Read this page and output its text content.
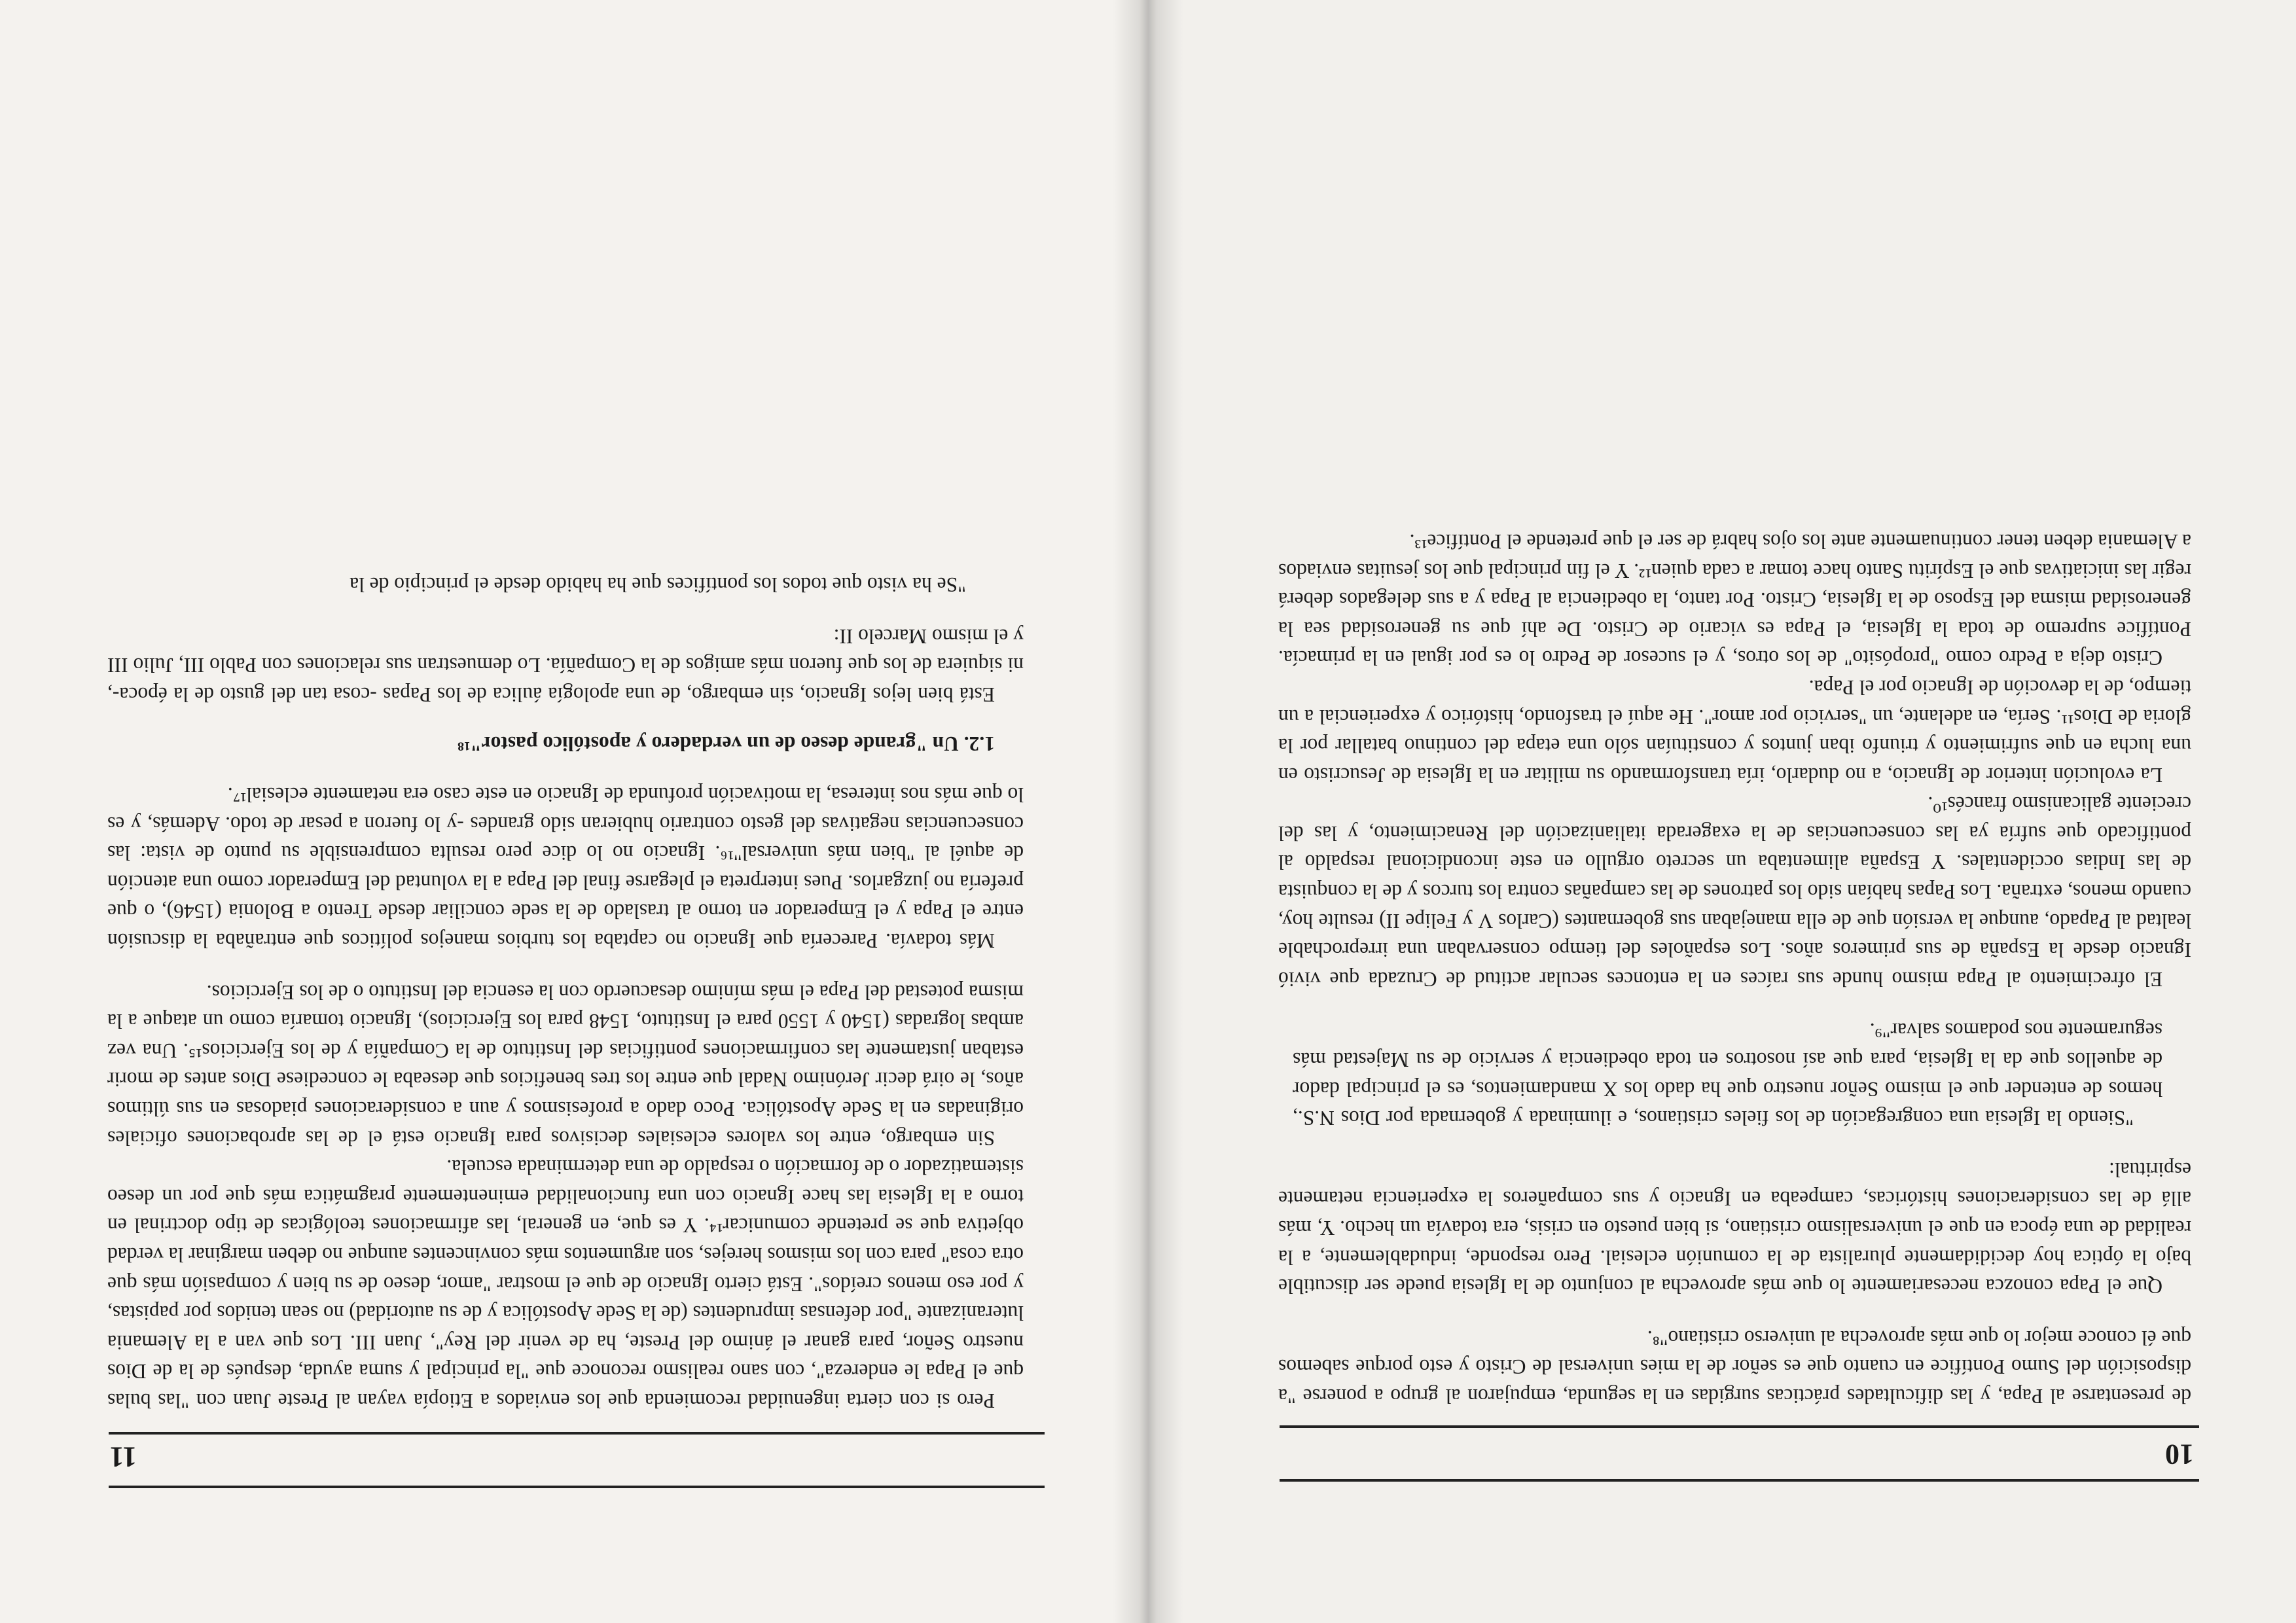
10

de presentarse al Papa, y las dificultades prácticas surgidas en la segunda, empujaron al grupo a ponerse "a disposición del Sumo Pontífice en cuanto que es señor de la mies universal de Cristo y esto porque sabemos que él conoce mejor lo que más aprovecha al universo cristiano"⁸.

Que el Papa conozca necesariamente lo que más aprovecha al conjunto de la Iglesia puede ser discutible bajo la óptica hoy decididamente pluralista de la comunión eclesial. Pero responde, indudablemente, a la realidad de una época en que el universalismo cristiano, si bien puesto en crisis, era todavía un hecho. Y, más allá de las consideraciones históricas, campeaba en Ignacio y sus compañeros la experiencia netamente espiritual:

"Siendo la Iglesia una congregación de los fieles cristianos, e iluminada y gobernada por Dios N.S., hemos de entender que el mismo Señor nuestro que ha dado los X mandamientos, es el principal dador de aquellos que da la Iglesia, para que así nosotros en toda obediencia y servicio de su Majestad más seguramente nos podamos salvar"⁹.

El ofrecimiento al Papa mismo hunde sus raíces en la entonces secular actitud de Cruzada que vivió Ignacio desde la España de sus primeros años. Los españoles del tiempo conservaban una irreprochable lealtad al Papado, aunque la versión que de ella manejaban sus gobernantes (Carlos V y Felipe II) resulte hoy, cuando menos, extraña. Los Papas habían sido los patrones de las campañas contra los turcos y de la conquista de las Indias occidentales. Y España alimentaba un secreto orgullo en este incondicional respaldo al pontificado que sufría ya las consecuencias de la exagerada italianización del Renacimiento, y las del creciente galicanismo francés¹⁰.

La evolución interior de Ignacio, a no dudarlo, iría transformando su militar en la Iglesia de Jesucristo en una lucha en que sufrimiento y triunfo iban juntos y constituían sólo una etapa del continuo batallar por la gloria de Dios¹¹. Sería, en adelante, un "servicio por amor". He aquí el trasfondo, histórico y experiencial a un tiempo, de la devoción de Ignacio por el Papa.

Cristo deja a Pedro como "propósito" de los otros, y el sucesor de Pedro lo es por igual en la primacía. Pontífice supremo de toda la Iglesia, el Papa es vicario de Cristo. De ahí que su generosidad sea la generosidad misma del Esposo de la Iglesia, Cristo. Por tanto, la obediencia al Papa y a sus delegados deberá regir las iniciativas que el Espíritu Santo hace tomar a cada quien¹². Y el fin principal que los jesuitas enviados a Alemania deben tener continuamente ante los ojos habrá de ser el que pretende el Pontífice¹³.

11

Pero si con cierta ingenuidad recomienda que los enviados a Etiopía vayan al Preste Juan con "las bulas que el Papa le endereza", con sano realismo reconoce que "la principal y suma ayuda, después de la de Dios nuestro Señor, para ganar el ánimo del Preste, ha de venir del Rey", Juan III. Los que van a la Alemania luteranizante "por defensas imprudentes (de la Sede Apostólica y de su autoridad) no sean tenidos por papistas, y por eso menos creídos". Está cierto Ignacio de que el mostrar "amor, deseo de su bien y compasión más que otra cosa" para con los mismos herejes, son argumentos más convincentes aunque no deben marginar la verdad objetiva que se pretende comunicar¹⁴. Y es que, en general, las afirmaciones teológicas de tipo doctrinal en torno a la Iglesia las hace Ignacio con una funcionalidad eminentemente pragmática más que por un deseo sistematizador o de formación o respaldo de una determinada escuela.

Sin embargo, entre los valores eclesiales decisivos para Ignacio está el de las aprobaciones oficiales originadas en la Sede Apostólica. Poco dado a profesismos y aun a consideraciones piadosas en sus últimos años, le oirá decir Jerónimo Nadal que entre los tres beneficios que deseaba le concediese Dios antes de morir estaban justamente las confirmaciones pontificias del Instituto de la Compañía y de los Ejercicios¹⁵. Una vez ambas logradas (1540 y 1550 para el Instituto, 1548 para los Ejercicios), Ignacio tomaría como un ataque a la misma potestad del Papa el más mínimo desacuerdo con la esencia del Instituto o de los Ejercicios.

Más todavía. Parecería que Ignacio no captaba los turbios manejos políticos que entrañaba la discusión entre el Papa y el Emperador en torno al traslado de la sede conciliar desde Trento a Bolonia (1546), o que prefería no juzgarlos. Pues interpreta el plegarse final del Papa a la voluntad del Emperador como una atención de aquél al "bien más universal"¹⁶. Ignacio no lo dice pero resulta comprensible su punto de vista: las consecuencias negativas del gesto contrario hubieran sido grandes -y lo fueron a pesar de todo. Además, y es lo que más nos interesa, la motivación profunda de Ignacio en este caso era netamente eclesial¹⁷.

1.2. Un "grande deseo de un verdadero y apostólico pastor"¹⁸

Está bien lejos Ignacio, sin embargo, de una apología áulica de los Papas -cosa tan del gusto de la época-, ni siquiera de los que fueron más amigos de la Compañía. Lo demuestran sus relaciones con Pablo III, Julio III y el mismo Marcelo II:

"Se ha visto que todos los pontífices que ha habido desde el principio de la
